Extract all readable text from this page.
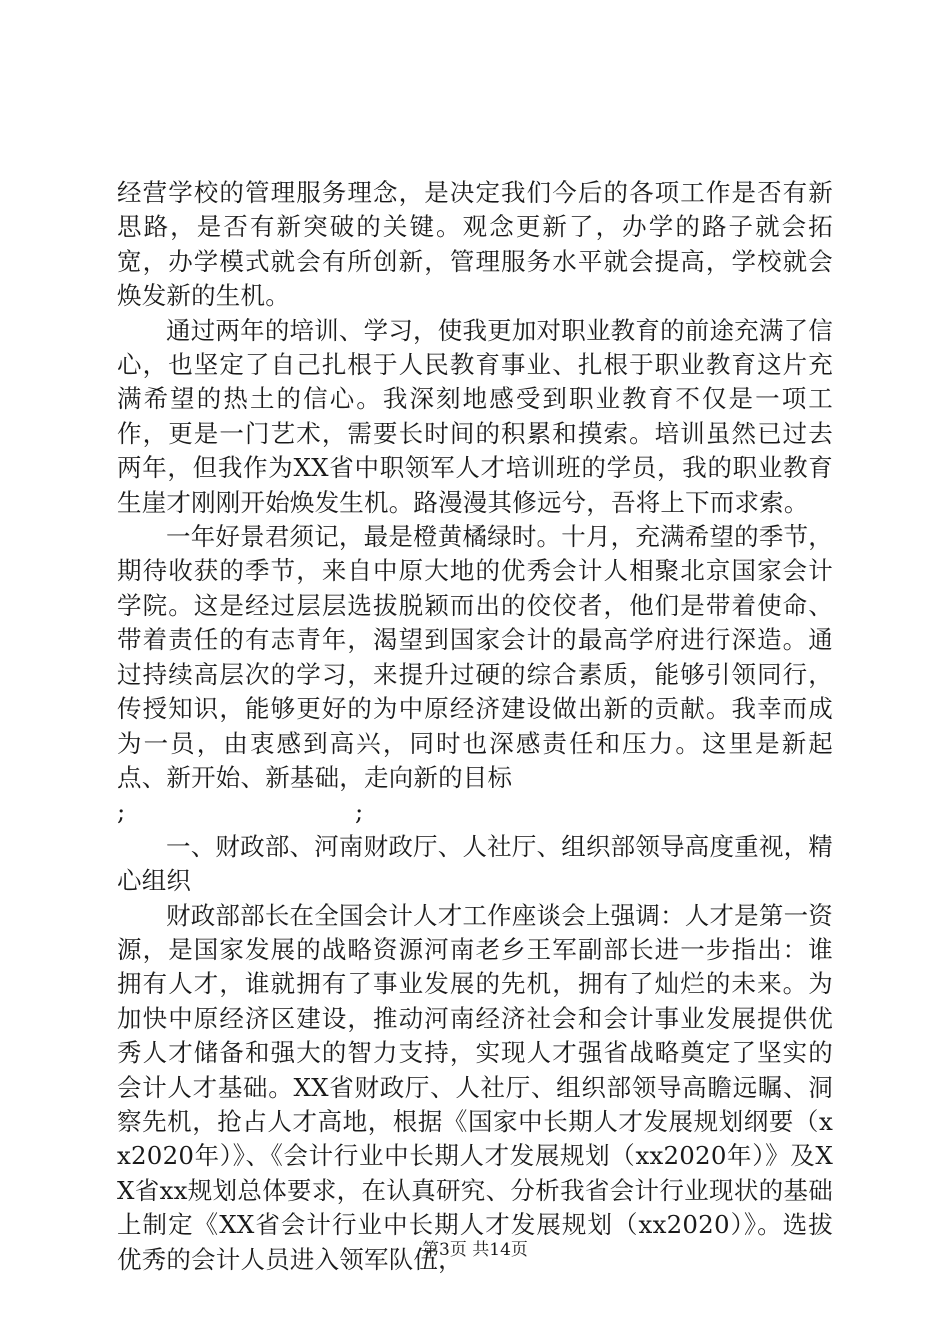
经营学校的管理服务理念，是决定我们今后的各项工作是否有新思路，是否有新突破的关键。观念更新了，办学的路子就会拓宽，办学模式就会有所创新，管理服务水平就会提高，学校就会焕发新的生机。

通过两年的培训、学习，使我更加对职业教育的前途充满了信心，也坚定了自己扎根于人民教育事业、扎根于职业教育这片充满希望的热土的信心。我深刻地感受到职业教育不仅是一项工作，更是一门艺术，需要长时间的积累和摸索。培训虽然已过去两年，但我作为XX省中职领军人才培训班的学员，我的职业教育生崖才刚刚开始焕发生机。路漫漫其修远兮，吾将上下而求索。

一年好景君须记，最是橙黄橘绿时。十月，充满希望的季节，期待收获的季节，来自中原大地的优秀会计人相聚北京国家会计学院。这是经过层层选拔脱颖而出的佼佼者，他们是带着使命、带着责任的有志青年，渴望到国家会计的最高学府进行深造。通过持续高层次的学习，来提升过硬的综合素质，能够引领同行，传授知识，能够更好的为中原经济建设做出新的贡献。我幸而成为一员，由衷感到高兴，同时也深感责任和压力。这里是新起点、新开始、新基础，走向新的目标

;	;

一、财政部、河南财政厅、人社厅、组织部领导高度重视，精心组织

财政部部长在全国会计人才工作座谈会上强调：人才是第一资源，是国家发展的战略资源河南老乡王军副部长进一步指出：谁拥有人才，谁就拥有了事业发展的先机，拥有了灿烂的未来。为加快中原经济区建设，推动河南经济社会和会计事业发展提供优秀人才储备和强大的智力支持，实现人才强省战略奠定了坚实的会计人才基础。XX省财政厅、人社厅、组织部领导高瞻远瞩、洞察先机，抢占人才高地，根据《国家中长期人才发展规划纲要（xx2020年）》、《会计行业中长期人才发展规划（xx2020年）》及XX省xx规划总体要求，在认真研究、分析我省会计行业现状的基础上制定《XX省会计行业中长期人才发展规划（xx2020）》。选拔优秀的会计人员进入领军队伍，

第3页 共14页
